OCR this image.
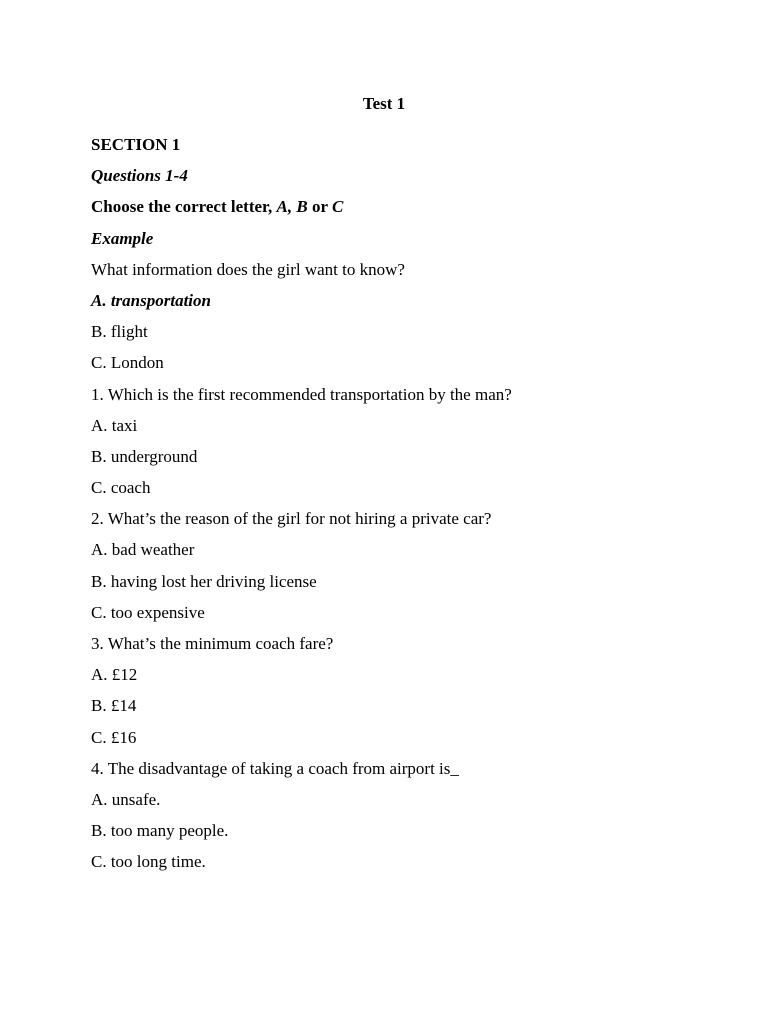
Test 1
SECTION 1
Questions 1-4
Choose the correct letter, A, B or C
Example
What information does the girl want to know?
A. transportation
B. flight
C. London
1. Which is the first recommended transportation by the man?
A. taxi
B. underground
C. coach
2. What’s the reason of the girl for not hiring a private car?
A. bad weather
B. having lost her driving license
C. too expensive
3. What’s the minimum coach fare?
A. £12
B. £14
C. £16
4. The disadvantage of taking a coach from airport is_
A. unsafe.
B. too many people.
C. too long time.
